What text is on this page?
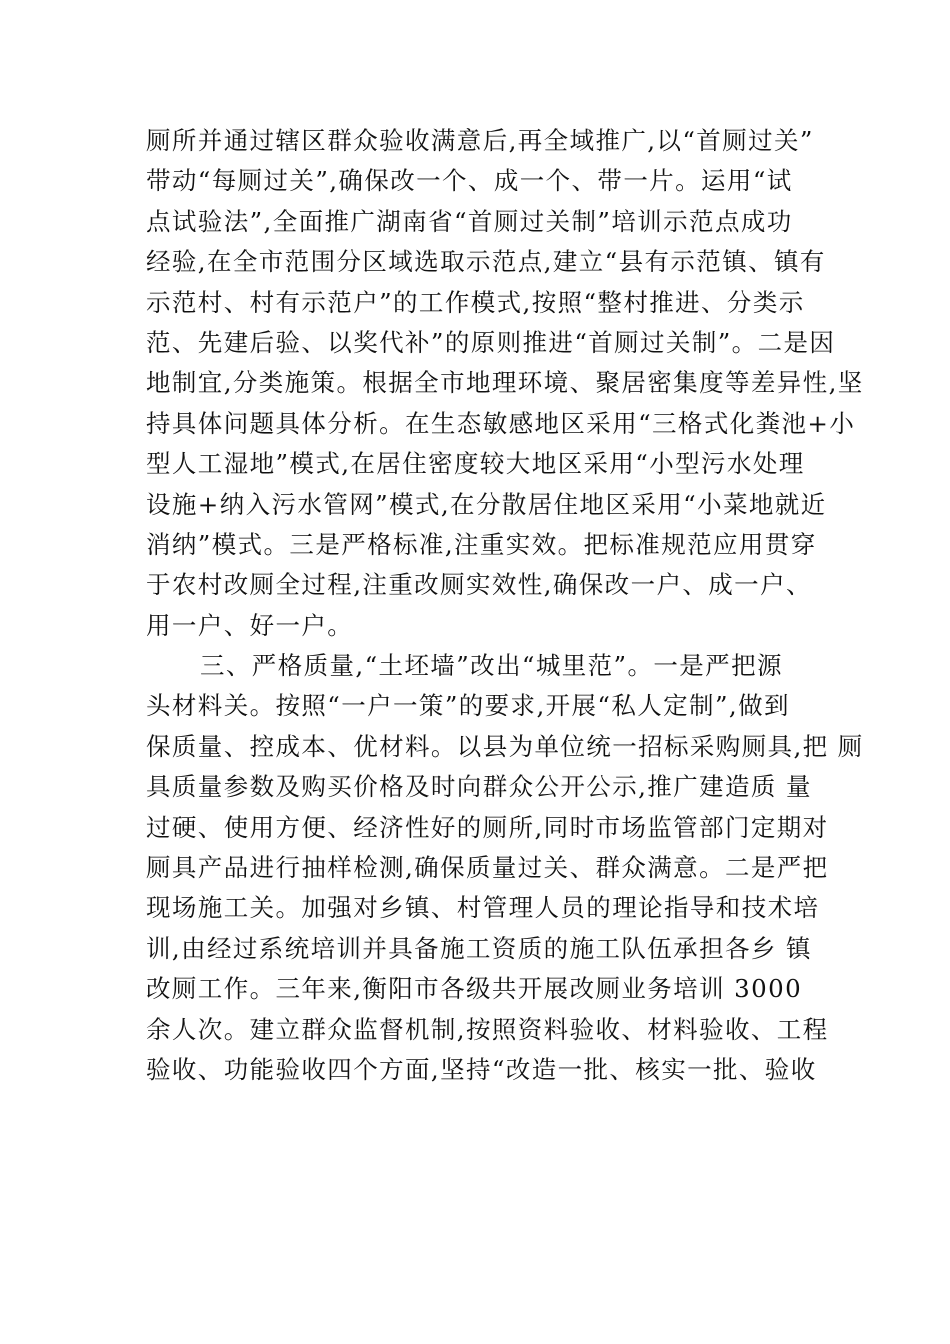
厕所并通过辖区群众验收满意后,再全域推广,以“首厕过关”
带动“每厕过关”,确保改一个、成一个、带一片。运用“试
点试验法”,全面推广湖南省“首厕过关制”培训示范点成功
经验,在全市范围分区域选取示范点,建立“县有示范镇、镇有
示范村、村有示范户”的工作模式,按照“整村推进、分类示
范、先建后验、以奖代补”的原则推进“首厕过关制”。二是因
地制宜,分类施策。根据全市地理环境、聚居密集度等差异性,坚
持具体问题具体分析。在生态敏感地区采用“三格式化粪池+小
型人工湿地”模式,在居住密度较大地区采用“小型污水处理
设施+纳入污水管网”模式,在分散居住地区采用“小菜地就近
消纳”模式。三是严格标准,注重实效。把标准规范应用贯穿
于农村改厕全过程,注重改厕实效性,确保改一户、成一户、
用一户、好一户。
三、严格质量,“土坯墙”改出“城里范”。一是严把源
头材料关。按照“一户一策”的要求,开展“私人定制”,做到
保质量、控成本、优材料。以县为单位统一招标采购厕具,把 厕
具质量参数及购买价格及时向群众公开公示,推广建造质 量
过硬、使用方便、经济性好的厕所,同时市场监管部门定期对
厕具产品进行抽样检测,确保质量过关、群众满意。二是严把
现场施工关。加强对乡镇、村管理人员的理论指导和技术培
训,由经过系统培训并具备施工资质的施工队伍承担各乡 镇
改厕工作。三年来,衡阳市各级共开展改厕业务培训 3000
余人次。建立群众监督机制,按照资料验收、材料验收、工程
验收、功能验收四个方面,坚持“改造一批、核实一批、验收
